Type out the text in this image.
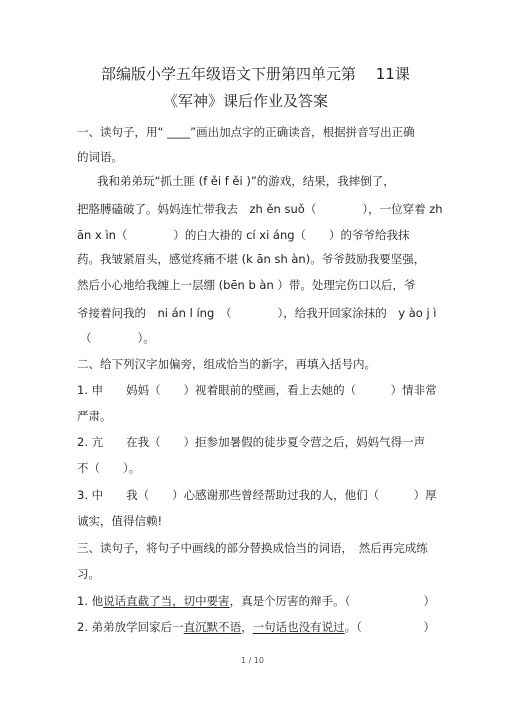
部编版小学五年级语文下册第四单元第　 11课
《军神》课后作业及答案
一、读句子，用“ ____”画出加点字的正确读音，根据拼音写出正确
的词语。
我和弟弟玩“抓土匪 (f ěi f ěi )”的游戏，结果，我摔倒了，
把胳膊磕破了。妈妈连忙带我去　zh ěn suǒ（　　　　），一位穿着 zh
ān x ìn（　　　　）的白大褂的 cí xi áng（　　）的爷爷给我抹
药。我皱紧眉头，感觉疼痛不堪 (k ān sh àn)。爷爷鼓励我要坚强，
然后小心地给我缠上一层绷 (bēn b àn ）带。处理完伤口以后，爷
爷接着问我的　ni án l íng　（　　　　），给我开回家涂抹的　y ào j ì
（　　　　）。
二、给下列汉字加偏旁，组成恰当的新字，再填入括号内。
1. 申　　妈妈（　　）视着眼前的壁画，看上去她的（　　　）情非常
严肃。
2. 亢　　在我（　　）拒参加暑假的徒步夏令营之后，妈妈气得一声
不（　　）。
3. 中　　我（　　）心感谢那些曾经帮助过我的人，他们（　　　）厚
诚实，值得信赖!
三、读句子，将句子中画线的部分替换成恰当的词语，　然后再完成练
习。
1. 他说话直截了当，切中要害，真是个厉害的辩手。（	）
2. 弟弟放学回家后一直沉默不语，一句话也没有说过。（	）
1 / 10
